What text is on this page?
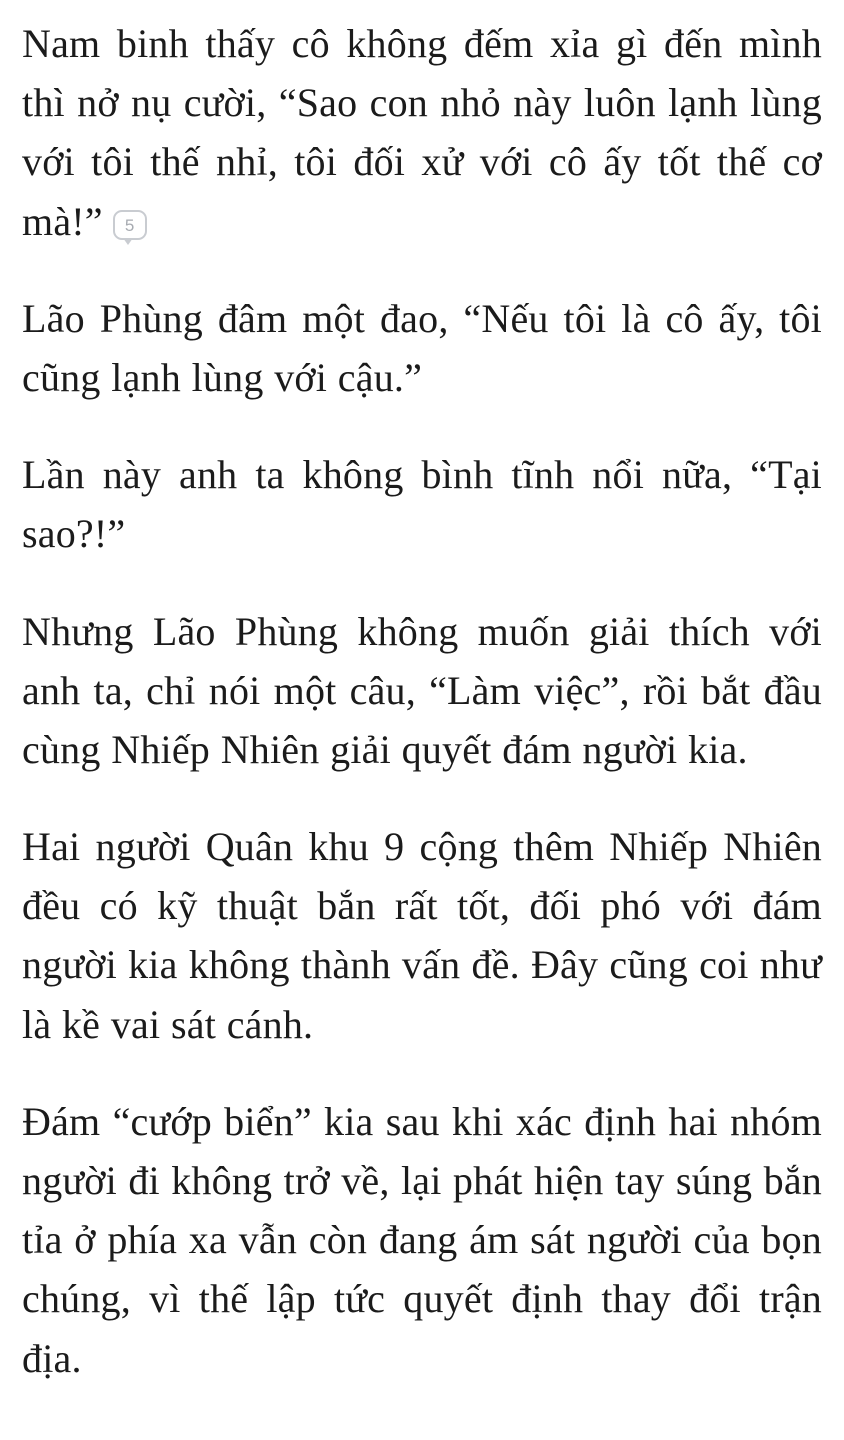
Nam binh thấy cô không đếm xỉa gì đến mình thì nở nụ cười, “Sao con nhỏ này luôn lạnh lùng với tôi thế nhỉ, tôi đối xử với cô ấy tốt thế cơ mà!” 5

Lão Phùng đâm một đao, “Nếu tôi là cô ấy, tôi cũng lạnh lùng với cậu.”

Lần này anh ta không bình tĩnh nổi nữa, “Tại sao?!”

Nhưng Lão Phùng không muốn giải thích với anh ta, chỉ nói một câu, “Làm việc”, rồi bắt đầu cùng Nhiếp Nhiên giải quyết đám người kia.

Hai người Quân khu 9 cộng thêm Nhiếp Nhiên đều có kỹ thuật bắn rất tốt, đối phó với đám người kia không thành vấn đề. Đây cũng coi như là kề vai sát cánh.

Đám “cướp biển” kia sau khi xác định hai nhóm người đi không trở về, lại phát hiện tay súng bắn tỉa ở phía xa vẫn còn đang ám sát người của bọn chúng, vì thế lập tức quyết định thay đổi trận địa.
